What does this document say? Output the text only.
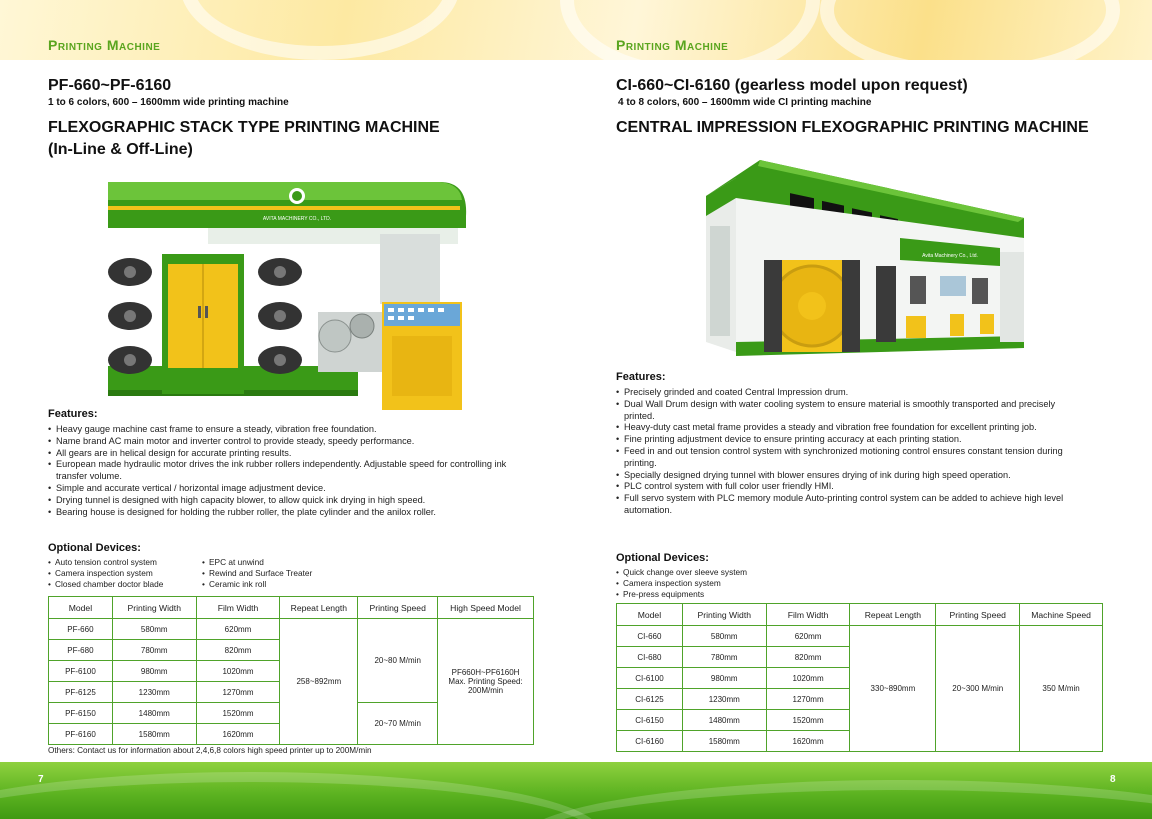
7	8
Printing Machine
PF-660~PF-6160
1 to 6 colors, 600 – 1600mm wide printing machine
FLEXOGRAPHIC STACK TYPE PRINTING MACHINE
(In-Line & Off-Line)
AVITA MACHINERY CO., LTD.
Features:
• Heavy gauge machine cast frame to ensure a steady, vibration free foundation.
• Name brand AC main motor and inverter control to provide steady, speedy performance.
• All gears are in helical design for accurate printing results.
• European made hydraulic motor drives the ink rubber rollers independently. Adjustable speed for controlling ink transfer volume.
• Simple and accurate vertical / horizontal image adjustment device.
• Drying tunnel is designed with high capacity blower, to allow quick ink drying in high speed.
• Bearing house is designed for holding the rubber roller, the plate cylinder and the anilox roller.
Optional Devices:
• Auto tension control system
• Camera inspection system
• Closed chamber doctor blade
• EPC at unwind
• Rewind and Surface Treater
• Ceramic ink roll
Model	Printing Width	Film Width	Repeat Length	Printing Speed	High Speed Model
PF-660	580mm	620mm	258~892mm	20~80 M/min	PF660H~PF6160H
Max. Printing Speed:
200M/min

PF-680	780mm	820mm			
PF-6100	980mm	1020mm			
PF-6125	1230mm	1270mm			
PF-6150	1480mm	1520mm		20~70 M/min	
PF-6160	1580mm	1620mm			
Others: Contact us for information about 2,4,6,8 colors high speed printer up to 200M/min
Printing Machine
CI-660~CI-6160 (gearless model upon request)
4 to 8 colors, 600 – 1600mm wide CI printing machine
CENTRAL IMPRESSION FLEXOGRAPHIC PRINTING MACHINE
Avita Machinery Co., Ltd.
Features:
• Precisely grinded and coated Central Impression drum.
• Dual Wall Drum design with water cooling system to ensure material is smoothly transported and precisely printed.
• Heavy-duty cast metal frame provides a steady and vibration free foundation for excellent printing job.
• Fine printing adjustment device to ensure printing accuracy at each printing station.
• Feed in and out tension control system with synchronized motioning control ensures constant tension during printing.
• Specially designed drying tunnel with blower ensures drying of ink during high speed operation.
• PLC control system with full color user friendly HMI.
• Full servo system with PLC memory module Auto-printing control system can be added to achieve high level automation.
Optional Devices:
• Quick change over sleeve system
• Camera inspection system
• Pre-press equipments
Model	Printing Width	Film Width	Repeat Length	Printing Speed	Machine Speed
CI-660	580mm	620mm	330~890mm	20~300 M/min	350 M/min
CI-680	780mm	820mm			
CI-6100	980mm	1020mm			
CI-6125	1230mm	1270mm			
CI-6150	1480mm	1520mm			
CI-6160	1580mm	1620mm			
